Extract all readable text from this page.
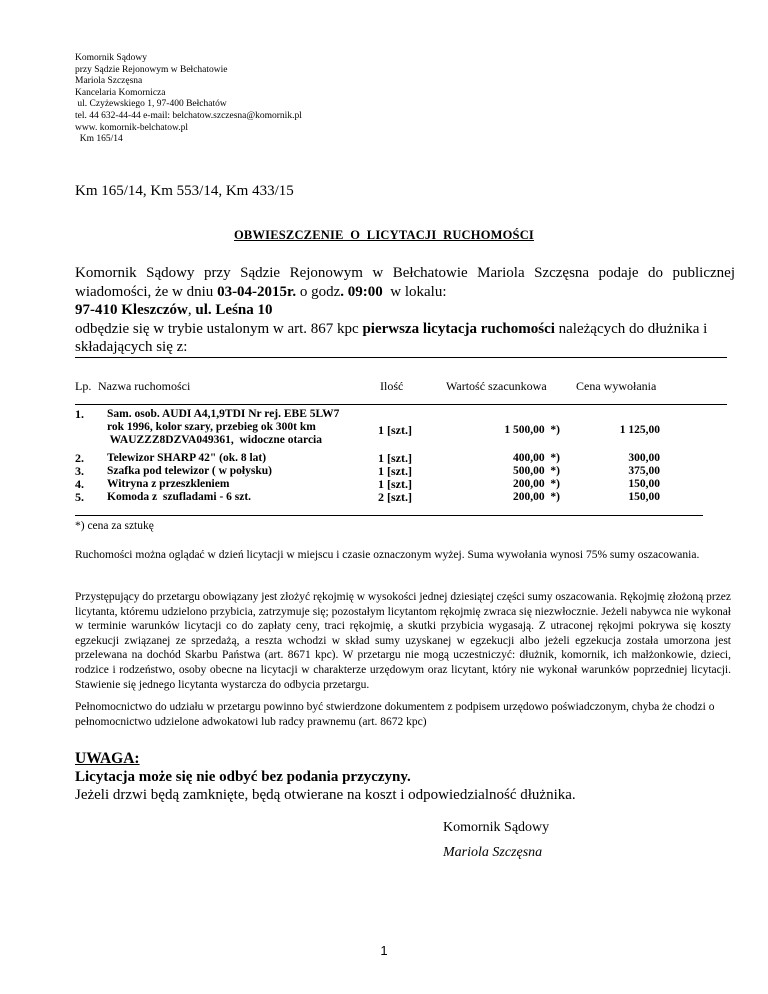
Komornik Sądowy
przy Sądzie Rejonowym w Bełchatowie
Mariola Szczęsna
Kancelaria Komornicza
ul. Czyżewskiego 1, 97-400 Bełchatów
tel. 44 632-44-44 e-mail: belchatow.szczesna@komornik.pl
www. komornik-belchatow.pl
Km 165/14
Km 165/14, Km 553/14, Km 433/15
OBWIESZCZENIE  O  LICYTACJI  RUCHOMOŚCI

Komornik Sądowy przy Sądzie Rejonowym w Bełchatowie Mariola Szczęsna podaje do publicznej

wiadomości, że w dniu 03-04-2015r. o godz. 09:00  w lokalu:

97-410 Kleszczów, ul. Leśna 10

odbędzie się w trybie ustalonym w art. 867 kpc pierwsza licytacja ruchomości należących do dłużnika i

składających się z:

Lp. Nazwa ruchomości	Ilość	Wartość szacunkowa Cena wywołania
1. Sam. osob. AUDI A4,1,9TDI Nr rej. EBE 5LW7
rok 1996, kolor szary, przebieg ok 300t km
WAUZZZ8DZVA049361,  widoczne otarcia
1 [szt.]	1 500,00  *)	1 125,00
2. Telewizor SHARP 42" (ok. 8 lat)	1 [szt.]	400,00  *)	300,00
3. Szafka pod telewizor ( w połysku)	1 [szt.]	500,00  *)	375,00
4. Witryna z przeszkleniem	1 [szt.]	200,00  *)	150,00
5. Komoda z  szufladami - 6 szt.	2 [szt.]	200,00  *)	150,00
*) cena za sztukę

Ruchomości można oglądać w dzień licytacji w miejscu i czasie oznaczonym wyżej. Suma wywołania wynosi 75% sumy oszacowania.

Przystępujący do przetargu obowiązany jest złożyć rękojmię w wysokości jednej dziesiątej części sumy oszacowania. Rękojmię złożoną przez licytanta, któremu udzielono przybicia, zatrzymuje się; pozostałym licytantom rękojmię zwraca się niezwłocznie. Jeżeli nabywca nie wykonał w terminie warunków licytacji co do zapłaty ceny, traci rękojmię, a skutki przybicia wygasają. Z utraconej rękojmi pokrywa się koszty egzekucji związanej ze sprzedażą, a reszta wchodzi w skład sumy uzyskanej w egzekucji albo jeżeli egzekucja została umorzona jest przelewana na dochód Skarbu Państwa (art. 8671 kpc). W przetargu nie mogą uczestniczyć: dłużnik, komornik, ich małżonkowie, dzieci, rodzice i rodzeństwo, osoby obecne na licytacji w charakterze urzędowym oraz licytant, który nie wykonał warunków poprzedniej licytacji. Stawienie się jednego licytanta wystarcza do odbycia przetargu.

Pełnomocnictwo do udziału w przetargu powinno być stwierdzone dokumentem z podpisem urzędowo poświadczonym, chyba że chodzi o pełnomocnictwo udzielone adwokatowi lub radcy prawnemu (art. 8672 kpc)

UWAGA:
Licytacja może się nie odbyć bez podania przyczyny.
Jeżeli drzwi będą zamknięte, będą otwierane na koszt i odpowiedzialność dłużnika.
Komornik Sądowy
Mariola Szczęsna
1
